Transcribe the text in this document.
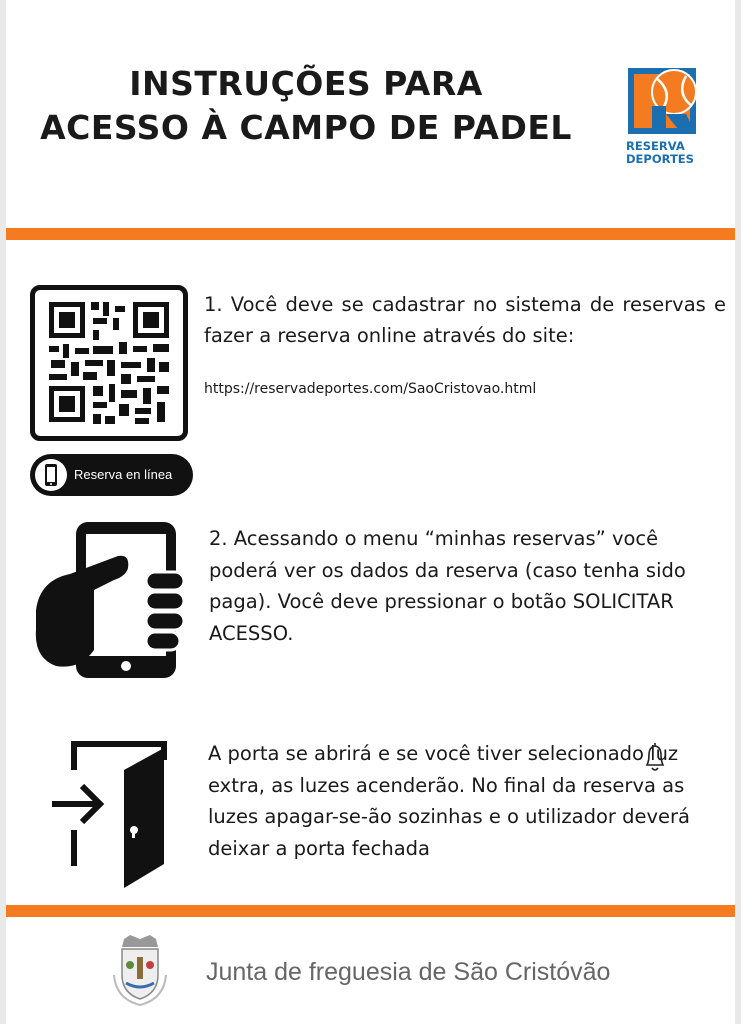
INSTRUÇÕES PARA
ACESSO À CAMPO DE PADEL	RESERVA
DEPORTES
Reserva en línea
1. Você deve se cadastrar no sistema de reservas e fazer a reserva online através do site:
https://reservadeportes.com/SaoCristovao.html
2. Acessando o menu “minhas reservas” você poderá ver os dados da reserva (caso tenha sido paga). Você deve pressionar o botão SOLICITAR ACESSO.
A porta se abrirá e se você tiver selecionado luz extra, as luzes acenderão. No final da reserva as luzes apagar-se-ão sozinhas e o utilizador deverá deixar a porta fechada
Junta de freguesia de São Cristóvão
